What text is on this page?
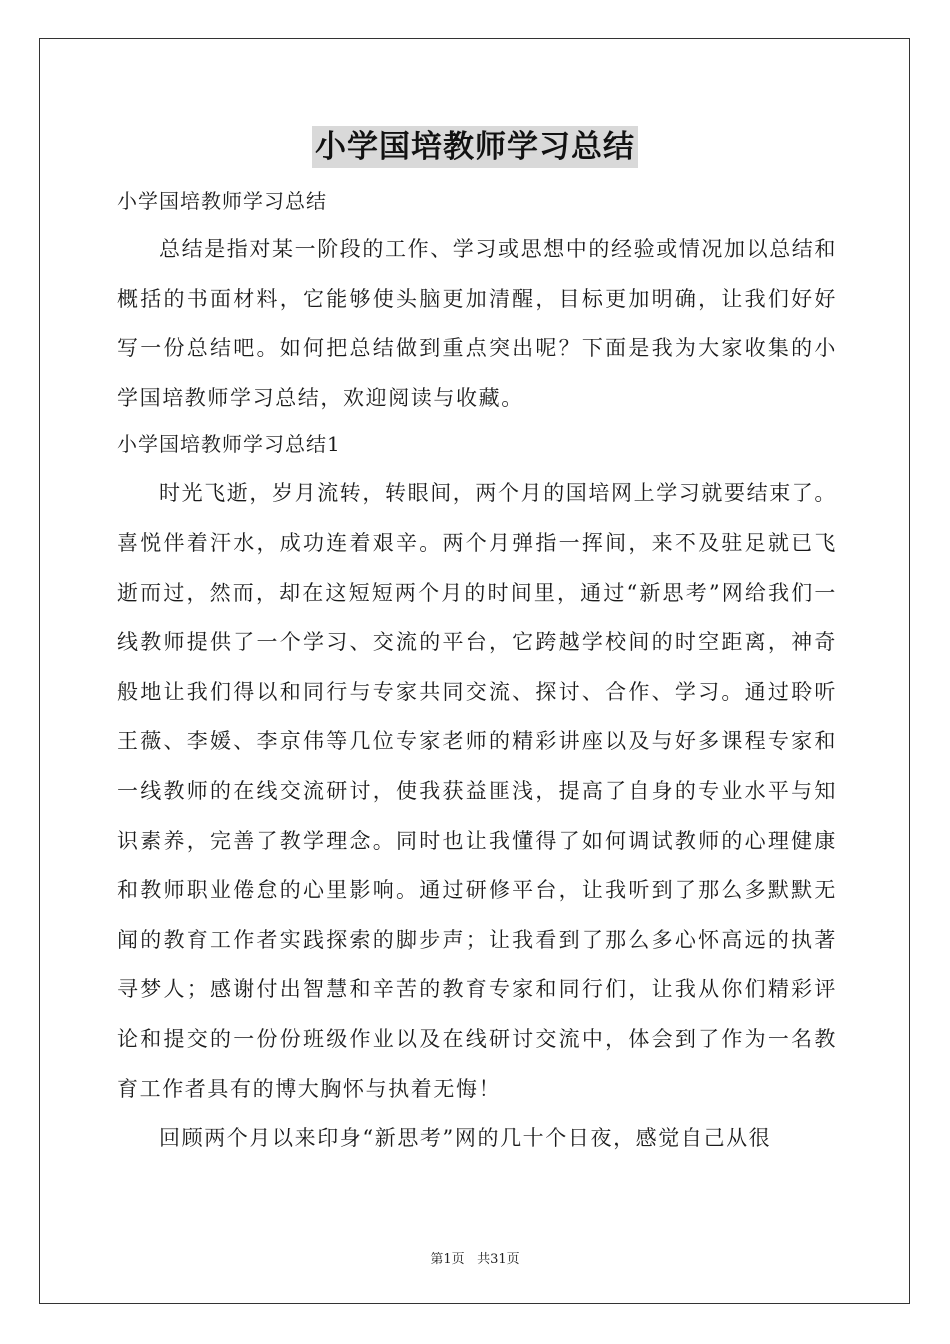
小学国培教师学习总结

小学国培教师学习总结

总结是指对某一阶段的工作、学习或思想中的经验或情况加以总结和概括的书面材料，它能够使头脑更加清醒，目标更加明确，让我们好好写一份总结吧。如何把总结做到重点突出呢？下面是我为大家收集的小学国培教师学习总结，欢迎阅读与收藏。

小学国培教师学习总结1

时光飞逝，岁月流转，转眼间，两个月的国培网上学习就要结束了。喜悦伴着汗水，成功连着艰辛。两个月弹指一挥间，来不及驻足就已飞逝而过，然而，却在这短短两个月的时间里，通过“新思考”网给我们一线教师提供了一个学习、交流的平台，它跨越学校间的时空距离，神奇般地让我们得以和同行与专家共同交流、探讨、合作、学习。通过聆听王薇、李媛、李京伟等几位专家老师的精彩讲座以及与好多课程专家和一线教师的在线交流研讨，使我获益匪浅，提高了自身的专业水平与知识素养，完善了教学理念。同时也让我懂得了如何调试教师的心理健康和教师职业倦怠的心里影响。通过研修平台，让我听到了那么多默默无闻的教育工作者实践探索的脚步声；让我看到了那么多心怀高远的执著寻梦人；感谢付出智慧和辛苦的教育专家和同行们，让我从你们精彩评论和提交的一份份班级作业以及在线研讨交流中，体会到了作为一名教育工作者具有的博大胸怀与执着无悔！

回顾两个月以来印身“新思考”网的几十个日夜，感觉自己从很

第1页 共31页
